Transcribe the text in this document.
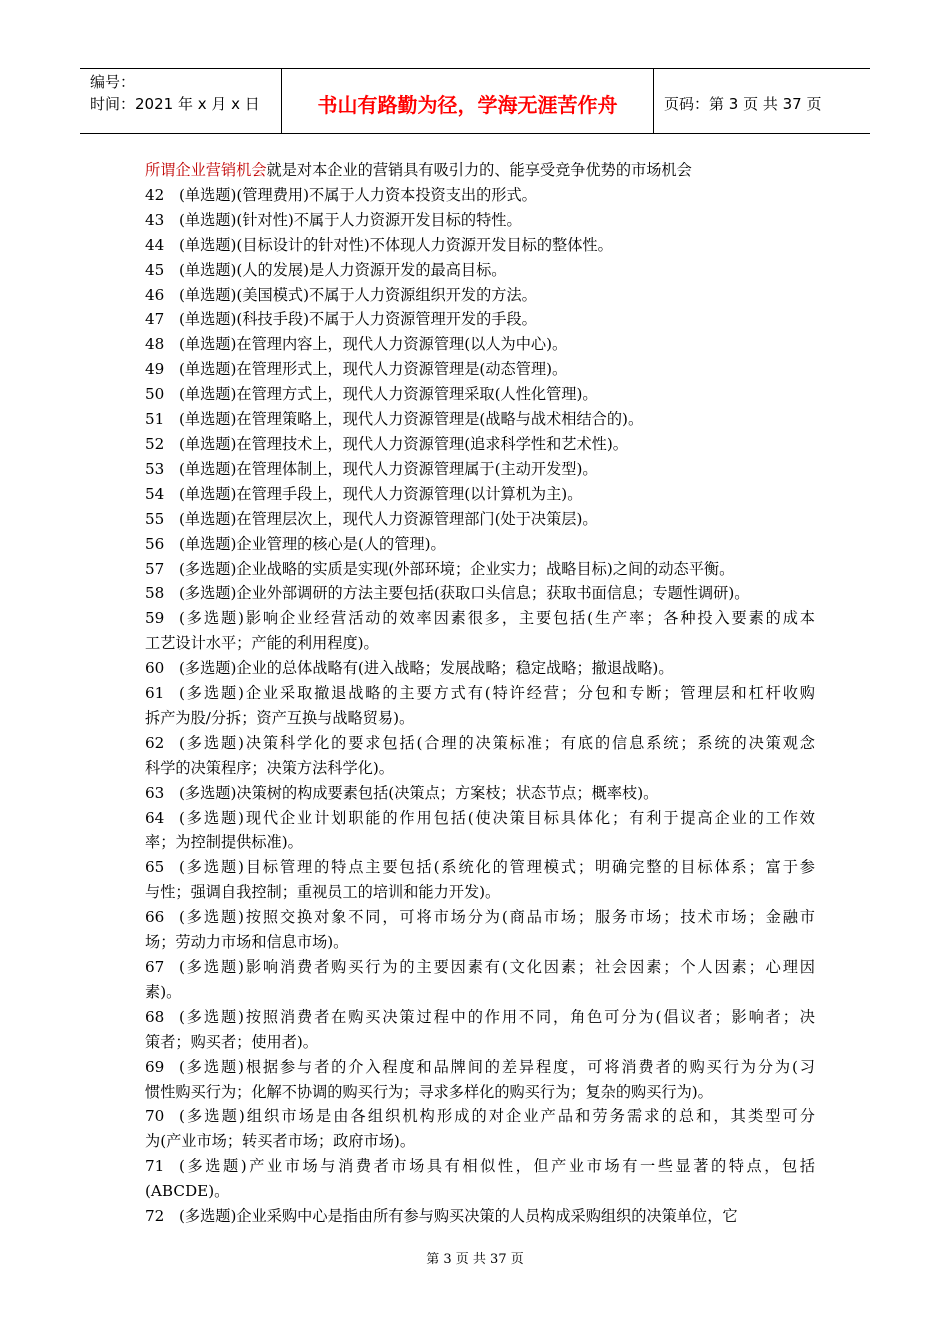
编号：
时间：2021 年 x 月 x 日	书山有路勤为径，学海无涯苦作舟	页码：第 3 页 共 37 页

所谓企业营销机会就是对本企业的营销具有吸引力的、能享受竞争优势的市场机会

42 (单选题)(管理费用)不属于人力资本投资支出的形式。
43 (单选题)(针对性)不属于人力资源开发目标的特性。
44 (单选题)(目标设计的针对性)不体现人力资源开发目标的整体性。
45 (单选题)(人的发展)是人力资源开发的最高目标。
46 (单选题)(美国模式)不属于人力资源组织开发的方法。
47 (单选题)(科技手段)不属于人力资源管理开发的手段。
48 (单选题)在管理内容上，现代人力资源管理(以人为中心)。
49 (单选题)在管理形式上，现代人力资源管理是(动态管理)。
50 (单选题)在管理方式上，现代人力资源管理采取(人性化管理)。
51 (单选题)在管理策略上，现代人力资源管理是(战略与战术相结合的)。
52 (单选题)在管理技术上，现代人力资源管理(追求科学性和艺术性)。
53 (单选题)在管理体制上，现代人力资源管理属于(主动开发型)。
54 (单选题)在管理手段上，现代人力资源管理(以计算机为主)。
55 (单选题)在管理层次上，现代人力资源管理部门(处于决策层)。
56 (单选题)企业管理的核心是(人的管理)。
57 (多选题)企业战略的实质是实现(外部环境；企业实力；战略目标)之间的动态平衡。
58 (多选题)企业外部调研的方法主要包括(获取口头信息；获取书面信息；专题性调研)。
59 (多选题)影响企业经营活动的效率因素很多，主要包括(生产率；各种投入要素的成本
工艺设计水平；产能的利用程度)。
60 (多选题)企业的总体战略有(进入战略；发展战略；稳定战略；撤退战略)。
61 (多选题)企业采取撤退战略的主要方式有(特许经营；分包和专断；管理层和杠杆收购
拆产为股/分拆；资产互换与战略贸易)。
62 (多选题)决策科学化的要求包括(合理的决策标准；有底的信息系统；系统的决策观念
科学的决策程序；决策方法科学化)。
63 (多选题)决策树的构成要素包括(决策点；方案枝；状态节点；概率枝)。
64 (多选题)现代企业计划职能的作用包括(使决策目标具体化；有利于提高企业的工作效
率；为控制提供标准)。
65 (多选题)目标管理的特点主要包括(系统化的管理模式；明确完整的目标体系；富于参
与性；强调自我控制；重视员工的培训和能力开发)。
66 (多选题)按照交换对象不同，可将市场分为(商品市场；服务市场；技术市场；金融市
场；劳动力市场和信息市场)。
67 (多选题)影响消费者购买行为的主要因素有(文化因素；社会因素；个人因素；心理因
素)。
68 (多选题)按照消费者在购买决策过程中的作用不同，角色可分为(倡议者；影响者；决
策者；购买者；使用者)。
69 (多选题)根据参与者的介入程度和品牌间的差异程度，可将消费者的购买行为分为(习
惯性购买行为；化解不协调的购买行为；寻求多样化的购买行为；复杂的购买行为)。
70 (多选题)组织市场是由各组织机构形成的对企业产品和劳务需求的总和，其类型可分
为(产业市场；转买者市场；政府市场)。
71 (多选题)产业市场与消费者市场具有相似性，但产业市场有一些显著的特点，包括
(ABCDE)。
72 (多选题)企业采购中心是指由所有参与购买决策的人员构成采购组织的决策单位，它
第 3 页 共 37 页
